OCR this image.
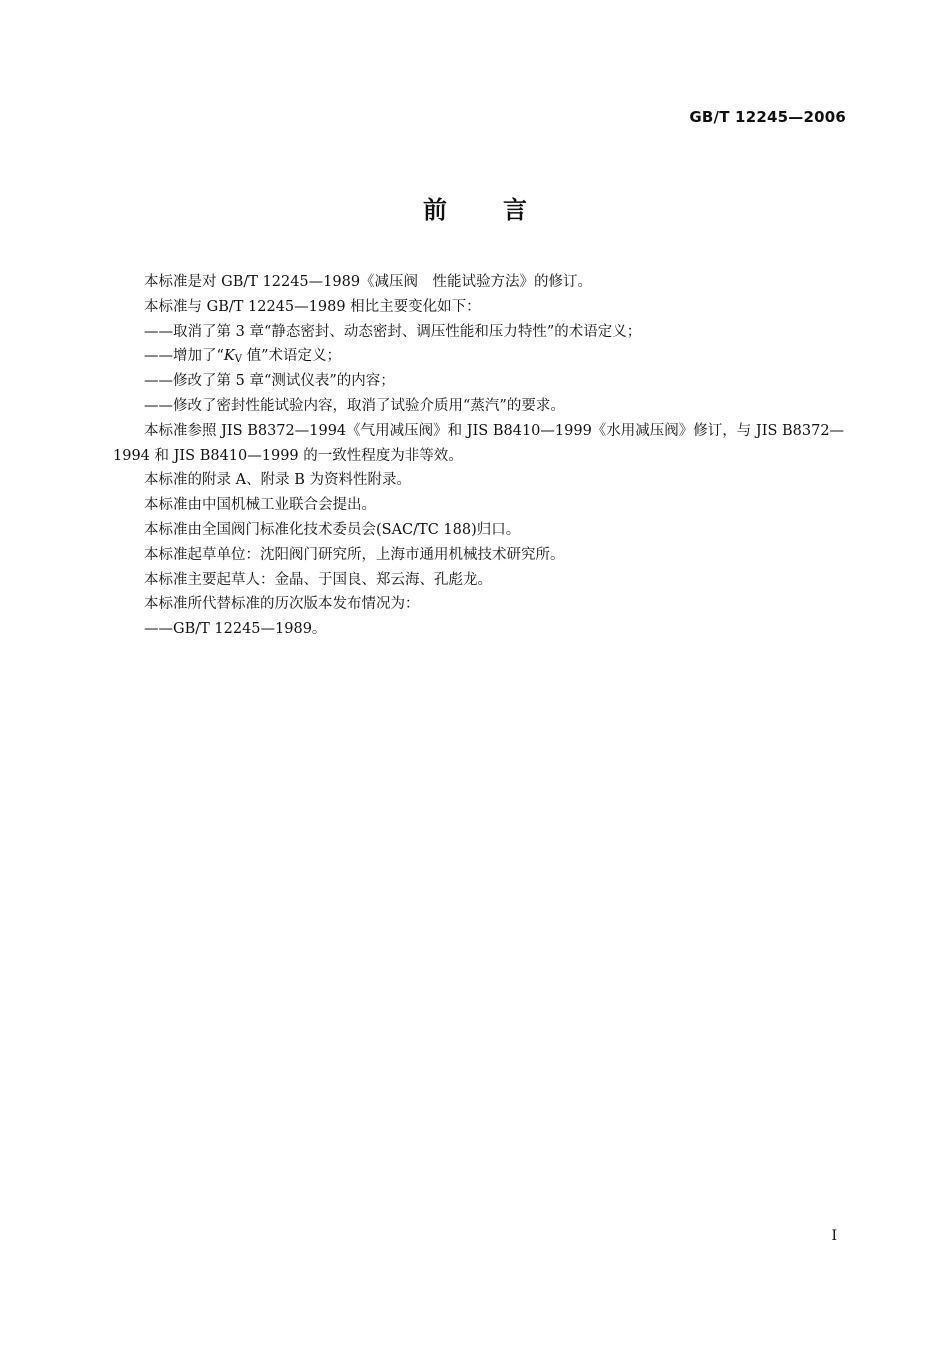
GB/T 12245—2006
前 言
本标准是对 GB/T 12245—1989《减压阀　性能试验方法》的修订。
本标准与 GB/T 12245—1989 相比主要变化如下：
——取消了第 3 章“静态密封、动态密封、调压性能和压力特性”的术语定义；
——增加了“KV 值”术语定义；
——修改了第 5 章“测试仪表”的内容；
——修改了密封性能试验内容，取消了试验介质用“蒸汽”的要求。
本标准参照 JIS B8372—1994《气用减压阀》和 JIS B8410—1999《水用减压阀》修订，与 JIS B8372—
1994 和 JIS B8410—1999 的一致性程度为非等效。
本标准的附录 A、附录 B 为资料性附录。
本标准由中国机械工业联合会提出。
本标准由全国阀门标准化技术委员会(SAC/TC 188)归口。
本标准起草单位：沈阳阀门研究所，上海市通用机械技术研究所。
本标准主要起草人：金晶、于国良、郑云海、孔彪龙。
本标准所代替标准的历次版本发布情况为：
——GB/T 12245—1989。
I
